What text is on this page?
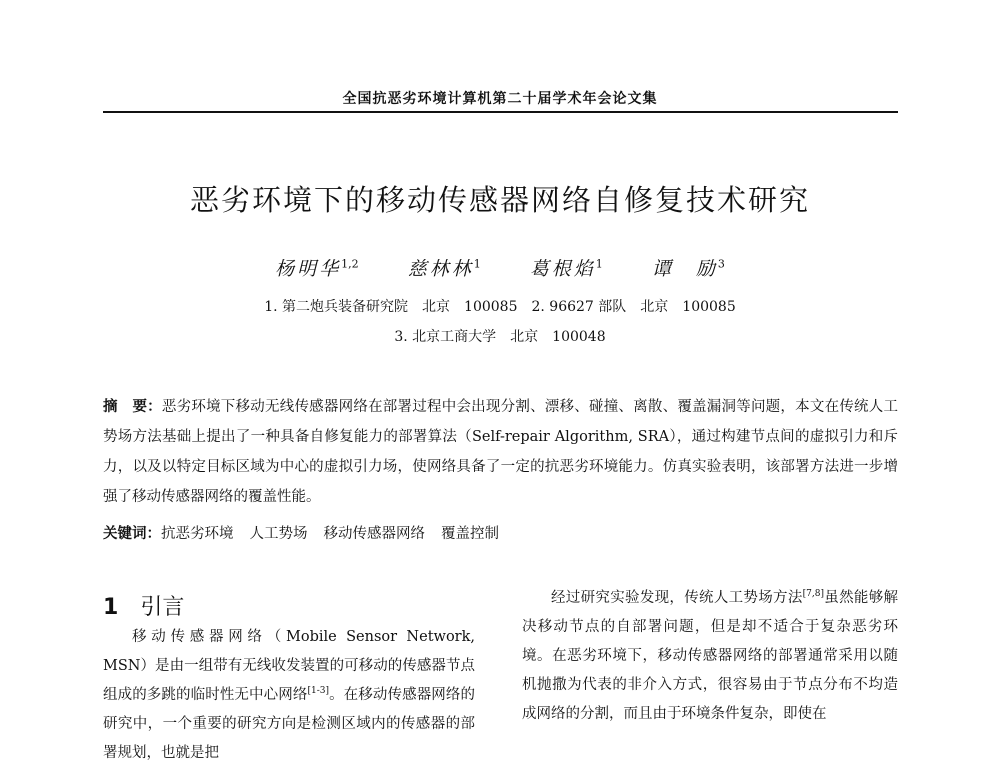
全国抗恶劣环境计算机第二十届学术年会论文集
恶劣环境下的移动传感器网络自修复技术研究
杨明华$^{1,2}$	慈林林$^1$	葛根焰$^1$	谭　励$^3$
1. 第二炮兵装备研究院　北京　100085　2. 96627 部队　北京　100085
3. 北京工商大学　北京　100048
摘　要：恶劣环境下移动无线传感器网络在部署过程中会出现分割、漂移、碰撞、离散、覆盖漏洞等问题，本文在传统人工势场方法基础上提出了一种具备自修复能力的部署算法（Self-repair Algorithm, SRA），通过构建节点间的虚拟引力和斥力，以及以特定目标区域为中心的虚拟引力场，使网络具备了一定的抗恶劣环境能力。仿真实验表明，该部署方法进一步增强了移动传感器网络的覆盖性能。
关键词：抗恶劣环境 人工势场 移动传感器网络 覆盖控制
1 引言
移动传感器网络（Mobile Sensor Network, MSN）是由一组带有无线收发装置的可移动的传感器节点组成的多跳的临时性无中心网络[1-3]。在移动传感器网络的研究中，一个重要的研究方向是检测区域内的传感器的部署规划，也就是把
经过研究实验发现，传统人工势场方法[7,8]虽然能够解决移动节点的自部署问题，但是却不适合于复杂恶劣环境。在恶劣环境下，移动传感器网络的部署通常采用以随机抛撒为代表的非介入方式，很容易由于节点分布不均造成网络的分割，而且由于环境条件复杂，即使在
